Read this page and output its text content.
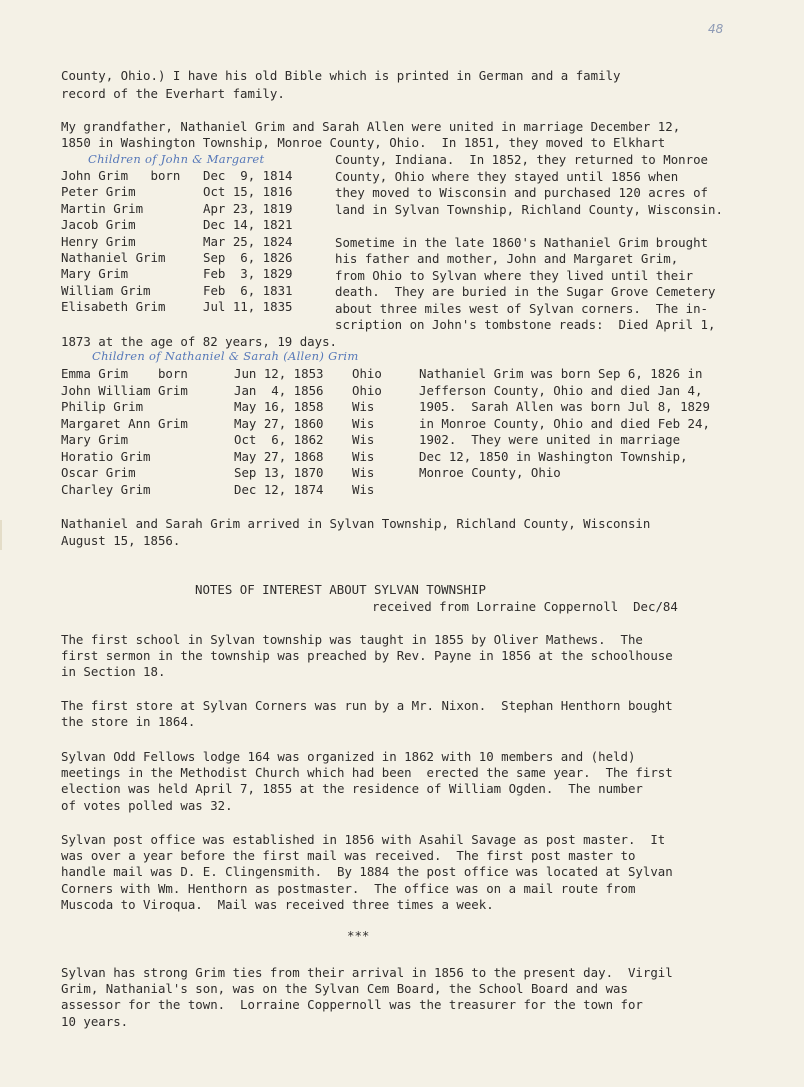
48
County, Ohio.) I have his old Bible which is printed in German and a family
record of the Everhart family.
My grandfather, Nathaniel Grim and Sarah Allen were united in marriage December 12,
1850 in Washington Township, Monroe County, Ohio.  In 1851, they moved to Elkhart
Children of John & Margaret
John Grim   born Dec  9, 1814
Peter Grim	Oct 15, 1816
Martin Grim	Apr 23, 1819
Jacob Grim	Dec 14, 1821
Henry Grim	Mar 25, 1824
Nathaniel Grim	Sep  6, 1826
Mary Grim	Feb  3, 1829
William Grim	Feb  6, 1831
Elisabeth Grim	Jul 11, 1835
County, Indiana.  In 1852, they returned to Monroe
County, Ohio where they stayed until 1856 when
they moved to Wisconsin and purchased 120 acres of
land in Sylvan Township, Richland County, Wisconsin.
Sometime in the late 1860's Nathaniel Grim brought
his father and mother, John and Margaret Grim,
from Ohio to Sylvan where they lived until their
death.  They are buried in the Sugar Grove Cemetery
about three miles west of Sylvan corners.  The in-
scription on John's tombstone reads:  Died April 1,
1873 at the age of 82 years, 19 days.
Children of Nathaniel & Sarah (Allen) Grim
Emma Grim    born	Jun 12, 1853 Ohio
John William Grim	Jan  4, 1856 Ohio
Philip Grim	May 16, 1858 Wis
Margaret Ann Grim	May 27, 1860 Wis
Mary Grim	Oct  6, 1862 Wis
Horatio Grim	May 27, 1868 Wis
Oscar Grim	Sep 13, 1870 Wis
Charley Grim	Dec 12, 1874 Wis
Nathaniel Grim was born Sep 6, 1826 in
Jefferson County, Ohio and died Jan 4,
1905.  Sarah Allen was born Jul 8, 1829
in Monroe County, Ohio and died Feb 24,
1902.  They were united in marriage
Dec 12, 1850 in Washington Township,
Monroe County, Ohio
Nathaniel and Sarah Grim arrived in Sylvan Township, Richland County, Wisconsin
August 15, 1856.
NOTES OF INTEREST ABOUT SYLVAN TOWNSHIP
received from Lorraine Coppernoll  Dec/84
The first school in Sylvan township was taught in 1855 by Oliver Mathews.  The
first sermon in the township was preached by Rev. Payne in 1856 at the schoolhouse
in Section 18.
The first store at Sylvan Corners was run by a Mr. Nixon.  Stephan Henthorn bought
the store in 1864.
Sylvan Odd Fellows lodge 164 was organized in 1862 with 10 members and (held)
meetings in the Methodist Church which had been  erected the same year.  The first
election was held April 7, 1855 at the residence of William Ogden.  The number
of votes polled was 32.
Sylvan post office was established in 1856 with Asahil Savage as post master.  It
was over a year before the first mail was received.  The first post master to
handle mail was D. E. Clingensmith.  By 1884 the post office was located at Sylvan
Corners with Wm. Henthorn as postmaster.  The office was on a mail route from
Muscoda to Viroqua.  Mail was received three times a week.
Sylvan has strong Grim ties from their arrival in 1856 to the present day.  Virgil
Grim, Nathanial's son, was on the Sylvan Cem Board, the School Board and was
assessor for the town.  Lorraine Coppernoll was the treasurer for the town for
10 years.
***
